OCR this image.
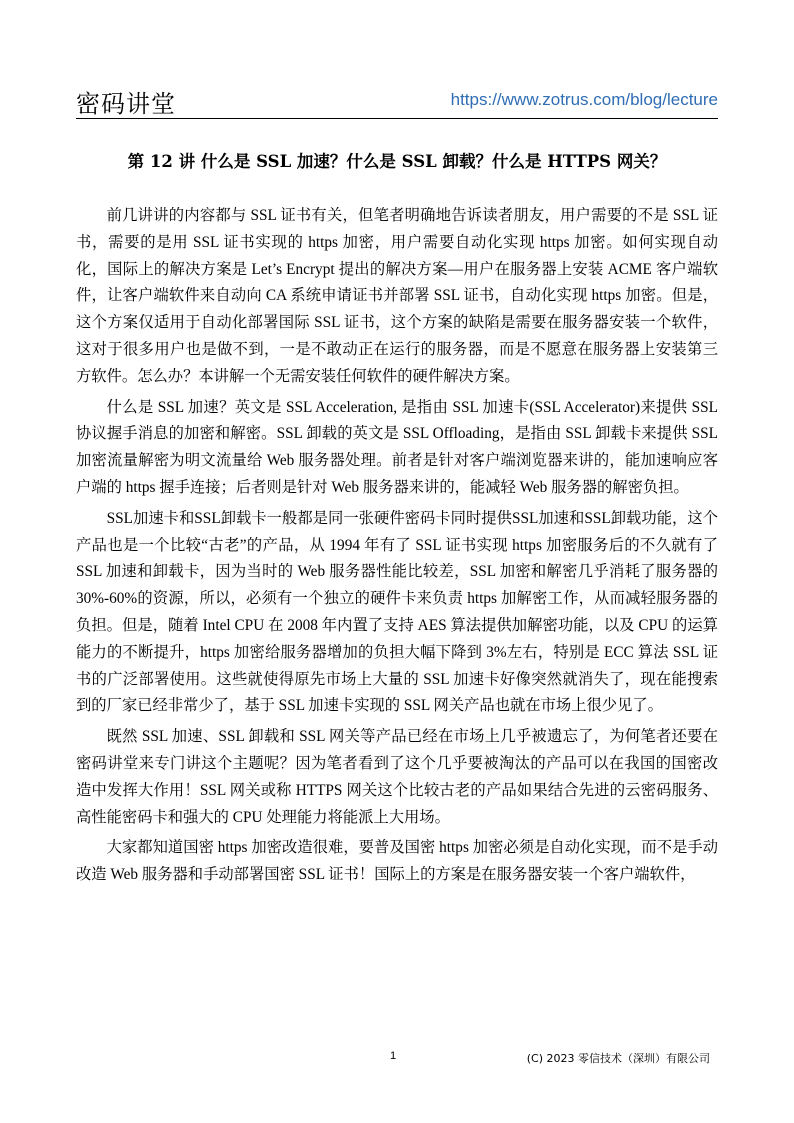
密码讲堂	https://www.zotrus.com/blog/lecture
第 12 讲 什么是 SSL 加速？什么是 SSL 卸载？什么是 HTTPS 网关？

前几讲讲的内容都与 SSL 证书有关，但笔者明确地告诉读者朋友，用户需要的不是 SSL 证书，需要的是用 SSL 证书实现的 https 加密，用户需要自动化实现 https 加密。如何实现自动化，国际上的解决方案是 Let’s Encrypt 提出的解决方案—用户在服务器上安装 ACME 客户端软件，让客户端软件来自动向 CA 系统申请证书并部署 SSL 证书，自动化实现 https 加密。但是，这个方案仅适用于自动化部署国际 SSL 证书，这个方案的缺陷是需要在服务器安装一个软件，这对于很多用户也是做不到，一是不敢动正在运行的服务器，而是不愿意在服务器上安装第三方软件。怎么办？本讲解一个无需安装任何软件的硬件解决方案。

什么是 SSL 加速？英文是 SSL Acceleration, 是指由 SSL 加速卡(SSL Accelerator)来提供 SSL 协议握手消息的加密和解密。SSL 卸载的英文是 SSL Offloading，是指由 SSL 卸载卡来提供 SSL 加密流量解密为明文流量给 Web 服务器处理。前者是针对客户端浏览器来讲的，能加速响应客户端的 https 握手连接；后者则是针对 Web 服务器来讲的，能减轻 Web 服务器的解密负担。

SSL加速卡和SSL卸载卡一般都是同一张硬件密码卡同时提供SSL加速和SSL卸载功能，这个产品也是一个比较“古老”的产品，从 1994 年有了 SSL 证书实现 https 加密服务后的不久就有了 SSL 加速和卸载卡，因为当时的 Web 服务器性能比较差，SSL 加密和解密几乎消耗了服务器的 30%-60%的资源，所以，必须有一个独立的硬件卡来负责 https 加解密工作，从而减轻服务器的负担。但是，随着 Intel CPU 在 2008 年内置了支持 AES 算法提供加解密功能，以及 CPU 的运算能力的不断提升，https 加密给服务器增加的负担大幅下降到 3%左右，特别是 ECC 算法 SSL 证书的广泛部署使用。这些就使得原先市场上大量的 SSL 加速卡好像突然就消失了，现在能搜索到的厂家已经非常少了，基于 SSL 加速卡实现的 SSL 网关产品也就在市场上很少见了。

既然 SSL 加速、SSL 卸载和 SSL 网关等产品已经在市场上几乎被遗忘了，为何笔者还要在密码讲堂来专门讲这个主题呢？因为笔者看到了这个几乎要被淘汰的产品可以在我国的国密改造中发挥大作用！SSL 网关或称 HTTPS 网关这个比较古老的产品如果结合先进的云密码服务、高性能密码卡和强大的 CPU 处理能力将能派上大用场。

大家都知道国密 https 加密改造很难，要普及国密 https 加密必须是自动化实现，而不是手动改造 Web 服务器和手动部署国密 SSL 证书！国际上的方案是在服务器安装一个客户端软件，

1	(C) 2023 零信技术（深圳）有限公司
